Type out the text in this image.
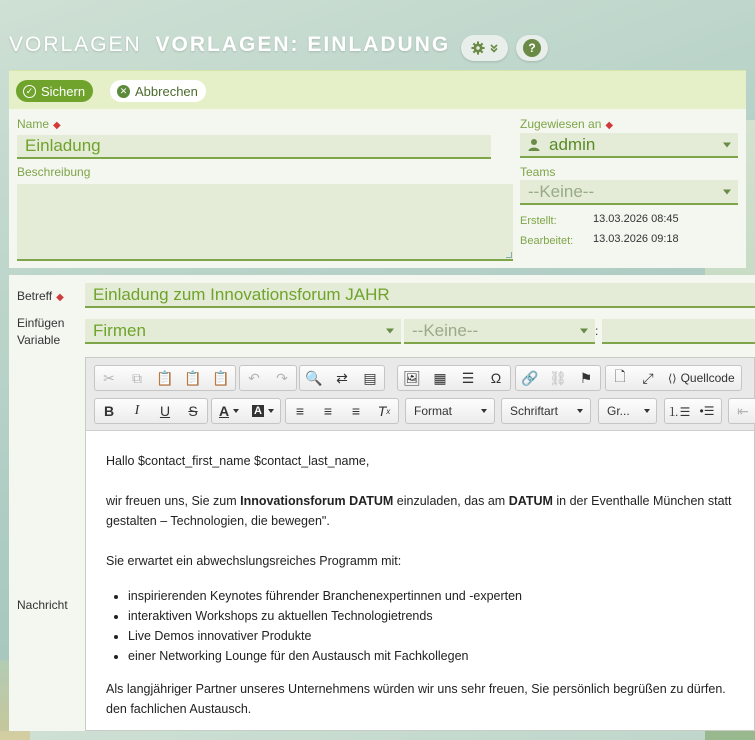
VORLAGEN VORLAGEN: EINLADUNG	?
✓ Sichern	✕ Abbrechen
Name ◆
Einladung
Beschreibung
Zugewiesen an ◆
admin
Teams
--Keine--
Erstellt:	13.03.2026 08:45
Bearbeitet: 13.03.2026 09:18
Betreff ◆ Einladung zum Innovationsforum JAHR
Einfügen
Variable
Firmen	--Keine--	:
Nachricht
✂	⧉	📋 📋 📋	↶	↷	🔍 ⇄	▤	🖼 ▦	☰	Ω	🔗 ⛓ ⚑	🗋	⤢	⟨⟩ Quellcode
B	I	U	S	A A	≡	≡	≡	T x	Format	Schriftart	Gr...	⒈☰ •☰	⇤

Hallo $contact_first_name $contact_last_name,

wir freuen uns, Sie zum Innovationsforum DATUM einzuladen, das am DATUM in der Eventhalle München statt

gestalten – Technologien, die bewegen".

Sie erwartet ein abwechslungsreiches Programm mit:

• inspirierenden Keynotes führender Branchenexpertinnen und -experten
• interaktiven Workshops zu aktuellen Technologietrends
• Live Demos innovativer Produkte
• einer Networking Lounge für den Austausch mit Fachkollegen

Als langjähriger Partner unseres Unternehmens würden wir uns sehr freuen, Sie persönlich begrüßen zu dürfen.

den fachlichen Austausch.
